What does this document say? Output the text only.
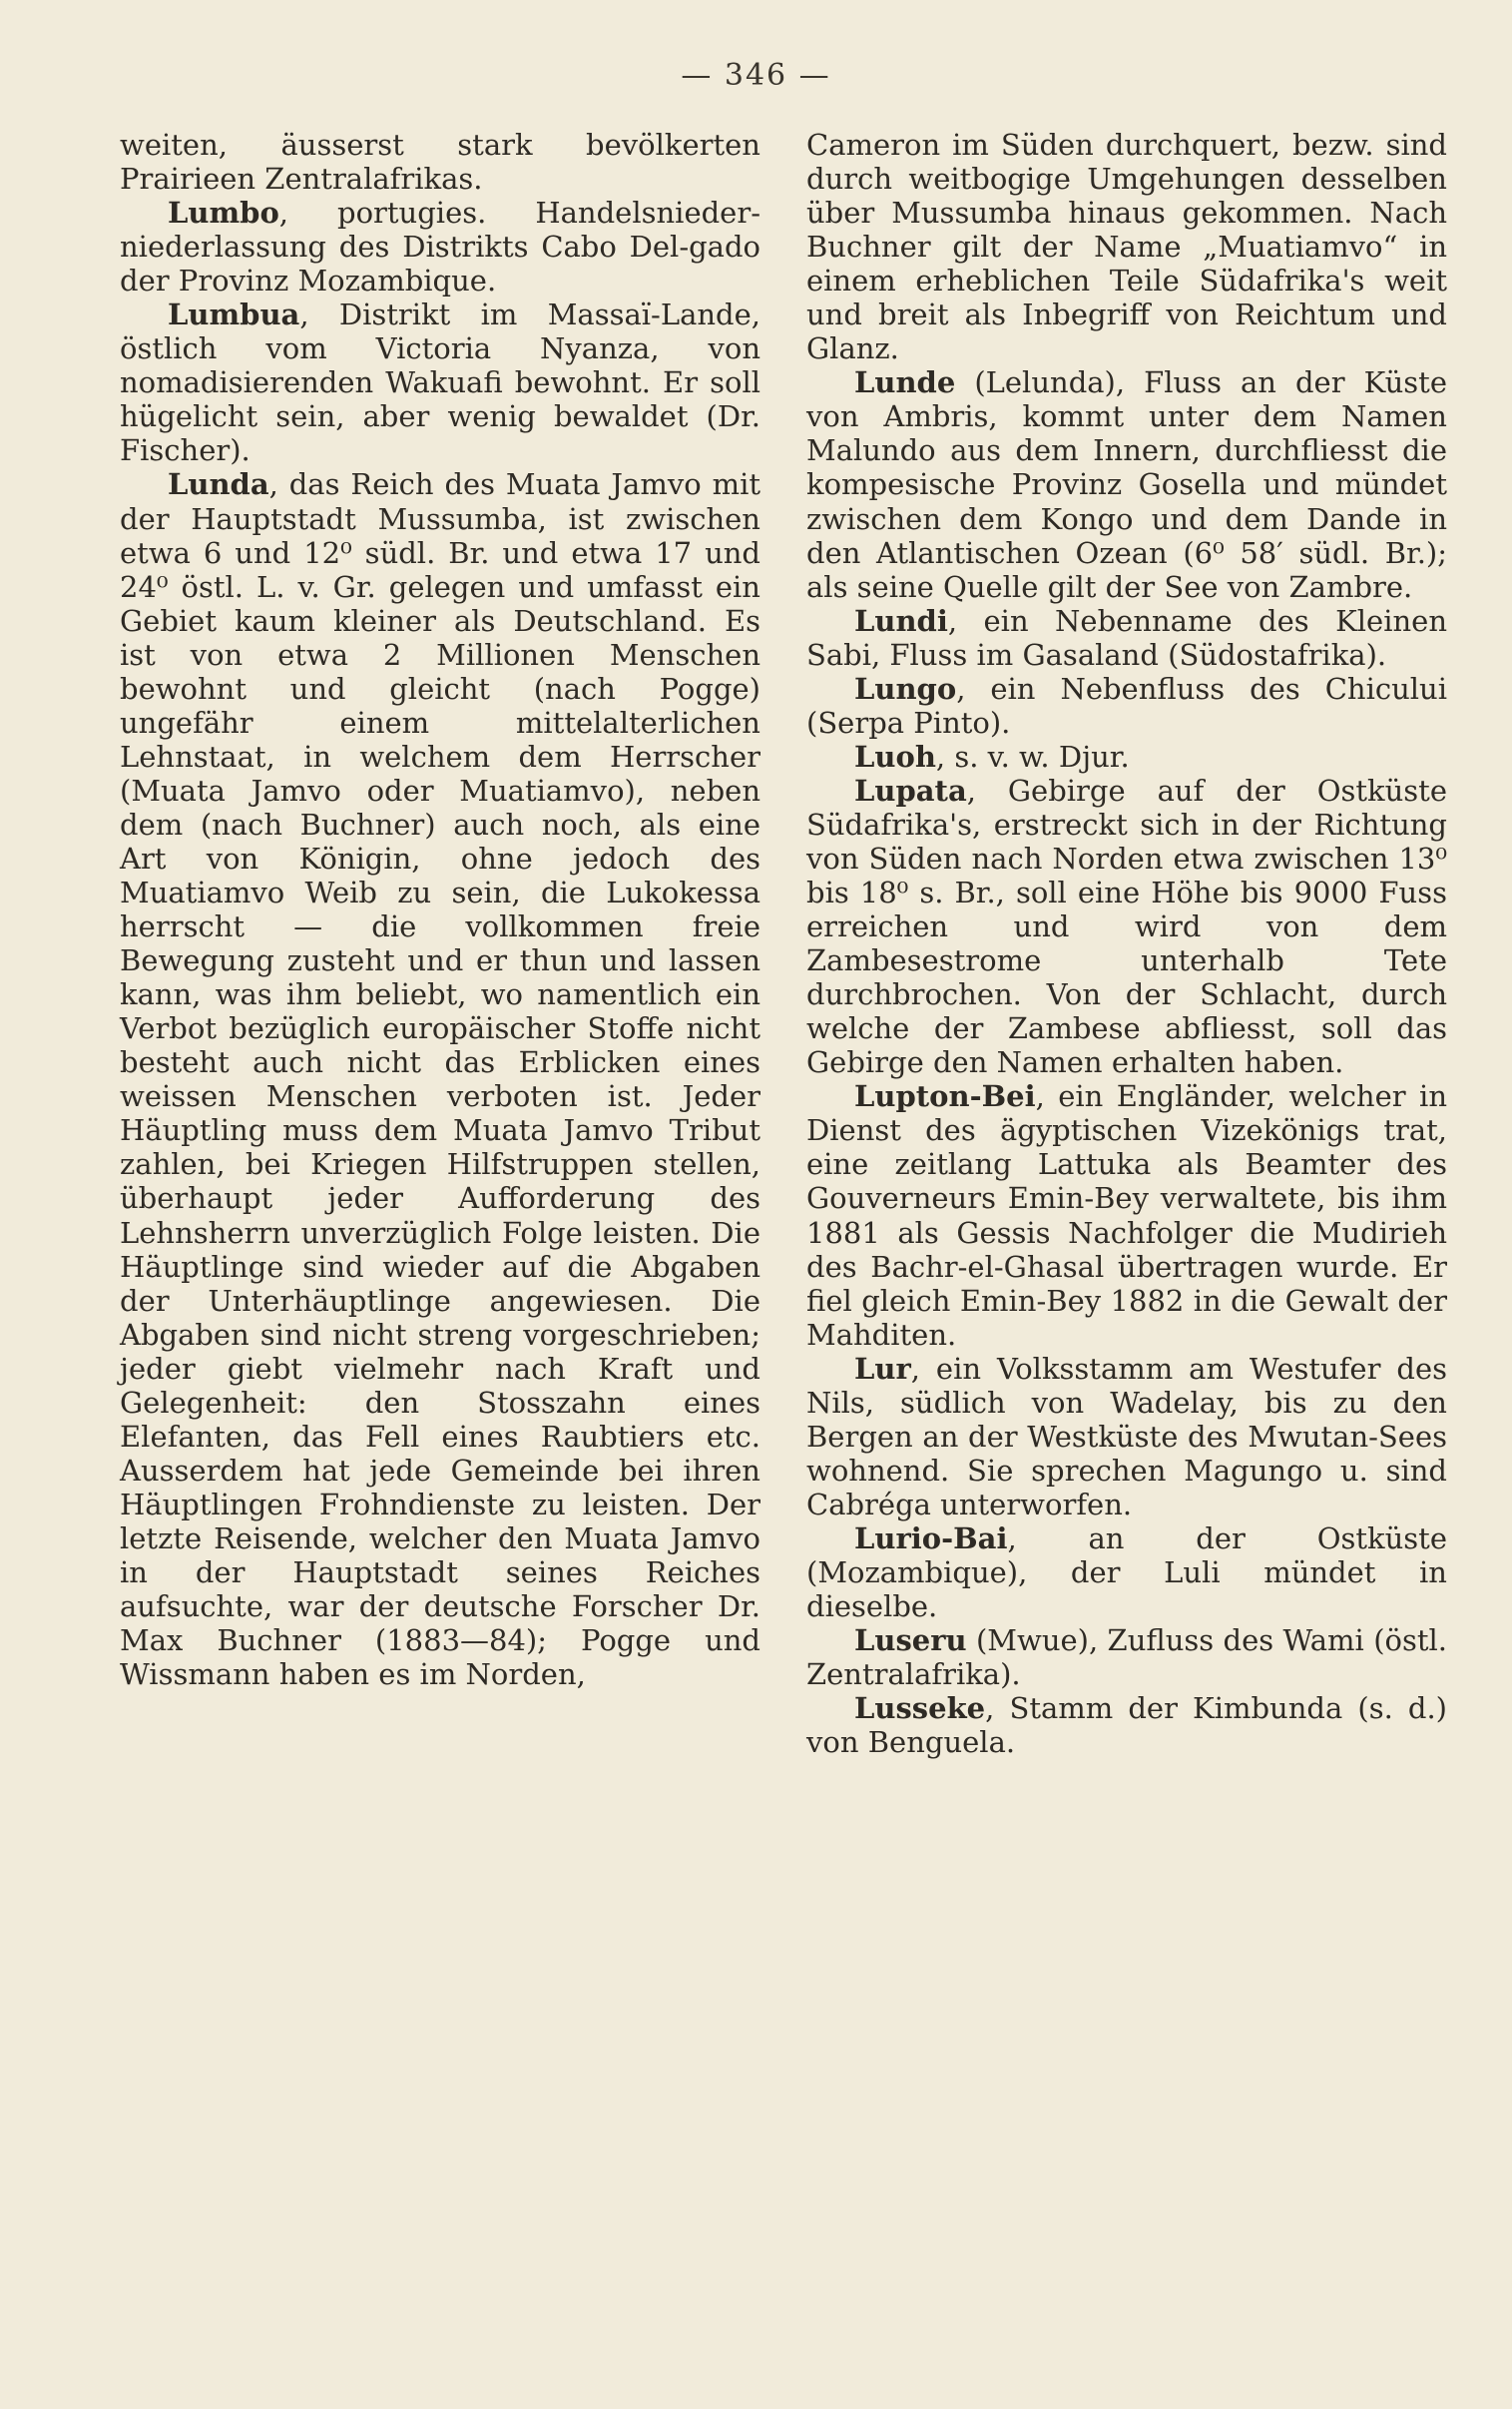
— 346 —

weiten, äusserst stark bevölkerten Prairieen Zentralafrikas.

Lumbo, portugies. Handelsnieder-niederlassung des Distrikts Cabo Del-gado der Provinz Mozambique.

Lumbua, Distrikt im Massaï-Lande, östlich vom Victoria Nyanza, von nomadisierenden Wakuafi bewohnt. Er soll hügelicht sein, aber wenig bewaldet (Dr. Fischer).

Lunda, das Reich des Muata Jamvo mit der Hauptstadt Mussumba, ist zwischen etwa 6 und 12⁰ südl. Br. und etwa 17 und 24⁰ östl. L. v. Gr. gelegen und umfasst ein Gebiet kaum kleiner als Deutschland. Es ist von etwa 2 Millionen Menschen bewohnt und gleicht (nach Pogge) ungefähr einem mittelalterlichen Lehnstaat, in welchem dem Herrscher (Muata Jamvo oder Muatiamvo), neben dem (nach Buchner) auch noch, als eine Art von Königin, ohne jedoch des Muatiamvo Weib zu sein, die Lukokessa herrscht — die vollkommen freie Bewegung zusteht und er thun und lassen kann, was ihm beliebt, wo namentlich ein Verbot bezüglich europäischer Stoffe nicht besteht auch nicht das Erblicken eines weissen Menschen verboten ist. Jeder Häuptling muss dem Muata Jamvo Tribut zahlen, bei Kriegen Hilfstruppen stellen, überhaupt jeder Aufforderung des Lehnsherrn unverzüglich Folge leisten. Die Häuptlinge sind wieder auf die Abgaben der Unterhäuptlinge angewiesen. Die Abgaben sind nicht streng vorgeschrieben; jeder giebt vielmehr nach Kraft und Gelegenheit: den Stosszahn eines Elefanten, das Fell eines Raubtiers etc. Ausserdem hat jede Gemeinde bei ihren Häuptlingen Frohndienste zu leisten. Der letzte Reisende, welcher den Muata Jamvo in der Hauptstadt seines Reiches aufsuchte, war der deutsche Forscher Dr. Max Buchner (1883—84); Pogge und Wissmann haben es im Norden,

Cameron im Süden durchquert, bezw. sind durch weitbogige Umgehungen desselben über Mussumba hinaus gekommen. Nach Buchner gilt der Name „Muatiamvo“ in einem erheblichen Teile Südafrika's weit und breit als Inbegriff von Reichtum und Glanz.

Lunde (Lelunda), Fluss an der Küste von Ambris, kommt unter dem Namen Malundo aus dem Innern, durchfliesst die kompesische Provinz Gosella und mündet zwischen dem Kongo und dem Dande in den Atlantischen Ozean (6⁰ 58′ südl. Br.); als seine Quelle gilt der See von Zambre.

Lundi, ein Nebenname des Kleinen Sabi, Fluss im Gasaland (Südostafrika).

Lungo, ein Nebenfluss des Chicului (Serpa Pinto).

Luoh, s. v. w. Djur.

Lupata, Gebirge auf der Ostküste Südafrika's, erstreckt sich in der Richtung von Süden nach Norden etwa zwischen 13⁰ bis 18⁰ s. Br., soll eine Höhe bis 9000 Fuss erreichen und wird von dem Zambesestrome unterhalb Tete durchbrochen. Von der Schlacht, durch welche der Zambese abfliesst, soll das Gebirge den Namen erhalten haben.

Lupton-Bei, ein Engländer, welcher in Dienst des ägyptischen Vizekönigs trat, eine zeitlang Lattuka als Beamter des Gouverneurs Emin-Bey verwaltete, bis ihm 1881 als Gessis Nachfolger die Mudirieh des Bachr-el-Ghasal übertragen wurde. Er fiel gleich Emin-Bey 1882 in die Gewalt der Mahditen.

Lur, ein Volksstamm am Westufer des Nils, südlich von Wadelay, bis zu den Bergen an der Westküste des Mwutan-Sees wohnend. Sie sprechen Magungo u. sind Cabréga unterworfen.

Lurio-Bai, an der Ostküste (Mozambique), der Luli mündet in dieselbe.

Luseru (Mwue), Zufluss des Wami (östl. Zentralafrika).

Lusseke, Stamm der Kimbunda (s. d.) von Benguela.
